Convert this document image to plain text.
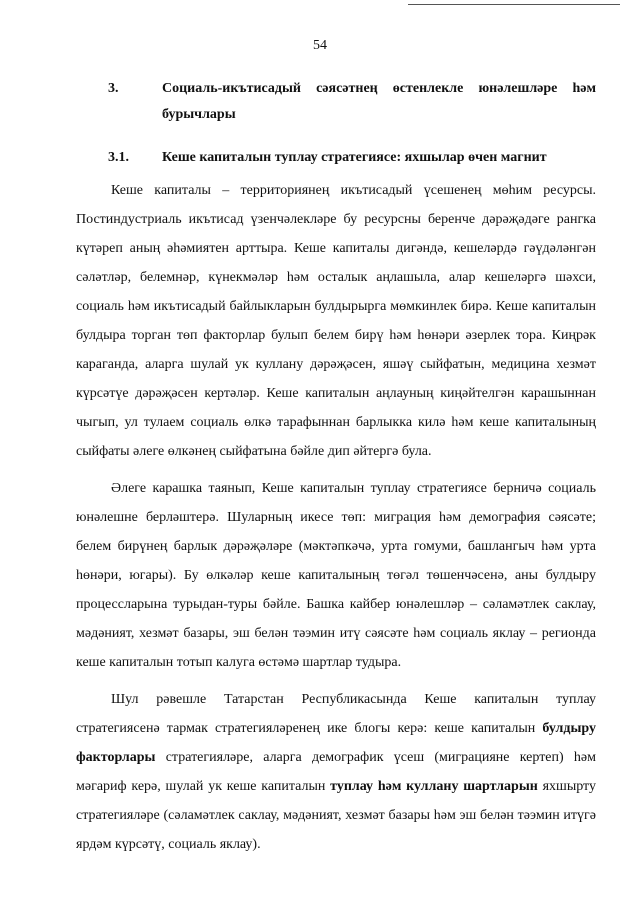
54
3.	Социаль-икътисадый сәясәтнең өстенлекле юнәлешләре һәм бурычлары
3.1. Кеше капиталын туплау стратегиясе: яхшылар өчен магнит

Кеше капиталы – территориянең икътисадый үсешенең мөһим ресурсы. Постиндустриаль икътисад үзенчәлекләре бу ресурсны беренче дәрәҗәдәге рангка күтәреп аның әһәмиятен арттыра. Кеше капиталы дигәндә, кешеләрдә гәүдәләнгән сәләтләр, белемнәр, күнекмәләр һәм осталык аңлашыла, алар кешеләргә шәхси, социаль һәм икътисадый байлыкларын булдырырга мөмкинлек бирә. Кеше капиталын булдыра торган төп факторлар булып белем бирү һәм һөнәри әзерлек тора. Киңрәк караганда, аларга шулай ук куллану дәрәҗәсен, яшәү сыйфатын, медицина хезмәт күрсәтүе дәрәҗәсен кертәләр. Кеше капиталын аңлауның киңәйтелгән карашыннан чыгып, ул тулаем социаль өлкә тарафыннан барлыкка килә һәм кеше капиталының сыйфаты әлеге өлкәнең сыйфатына бәйле дип әйтергә була.

Әлеге карашка таянып, Кеше капиталын туплау стратегиясе берничә социаль юнәлешне берләштерә. Шуларның икесе төп: миграция һәм демография сәясәте; белем бирүнең барлык дәрәҗәләре (мәктәпкәчә, урта гомуми, башлангыч һәм урта һөнәри, югары). Бу өлкәләр кеше капиталының төгәл төшенчәсенә, аны булдыру процессларына турыдан-туры бәйле. Башка кайбер юнәлешләр – сәламәтлек саклау, мәдәният, хезмәт базары, эш белән тәэмин итү сәясәте һәм социаль яклау – регионда кеше капиталын тотып калуга өстәмә шартлар тудыра.

Шул рәвешле Татарстан Республикасында Кеше капиталын туплау стратегиясенә тармак стратегияләренең ике блогы керә: кеше капиталын булдыру факторлары стратегияләре, аларга демографик үсеш (миграцияне кертеп) һәм мәгариф керә, шулай ук кеше капиталын туплау һәм куллану шартларын яхшырту стратегияләре (сәламәтлек саклау, мәдәният, хезмәт базары һәм эш белән тәэмин итүгә ярдәм күрсәтү, социаль яклау).
